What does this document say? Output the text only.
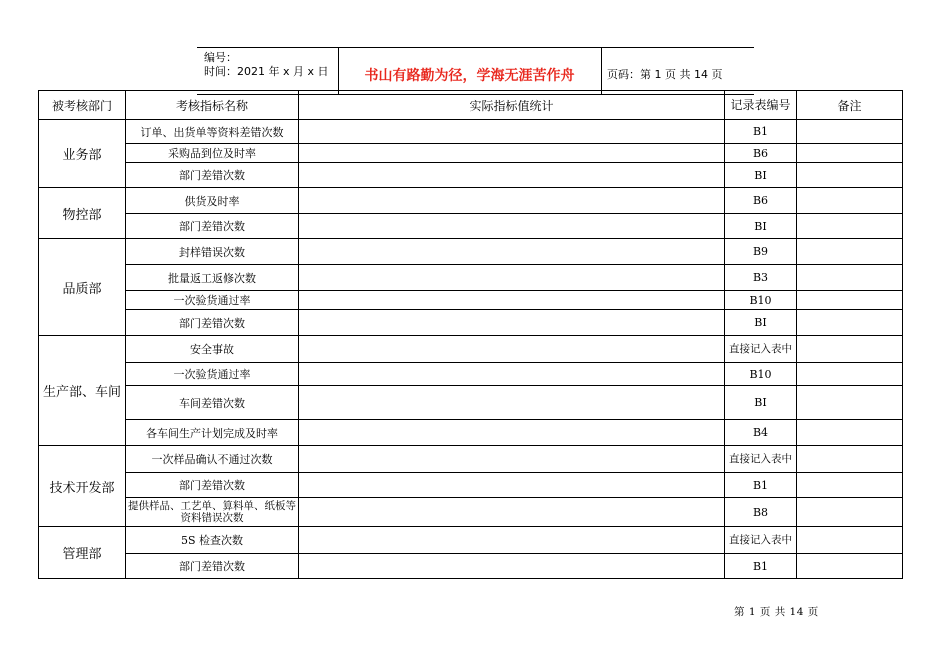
编号：
时间：2021 年 x 月 x 日	书山有路勤为径，学海无涯苦作舟	页码：第 1 页 共 14 页
被考核部门	考核指标名称	实际指标值统计	记录表编号	备注
业务部	订单、出货单等资料差错次数		B1	
	采购品到位及时率		B6	
	部门差错次数		BI	
物控部	供货及时率		B6	
	部门差错次数		BI	
品质部	封样错误次数		B9	
	批量返工返修次数		B3	
	一次验货通过率		B10	
	部门差错次数		BI	
生产部、车间	安全事故		直接记入表中	
	一次验货通过率		B10	
	车间差错次数		BI	
	各车间生产计划完成及时率		B4	
技术开发部	一次样品确认不通过次数		直接记入表中	
	部门差错次数		B1	
	提供样品、工艺单、算料单、纸板等资料错误次数		B8	
管理部	5S 检查次数		直接记入表中	
	部门差错次数		B1	
第 1 页 共 14 页
